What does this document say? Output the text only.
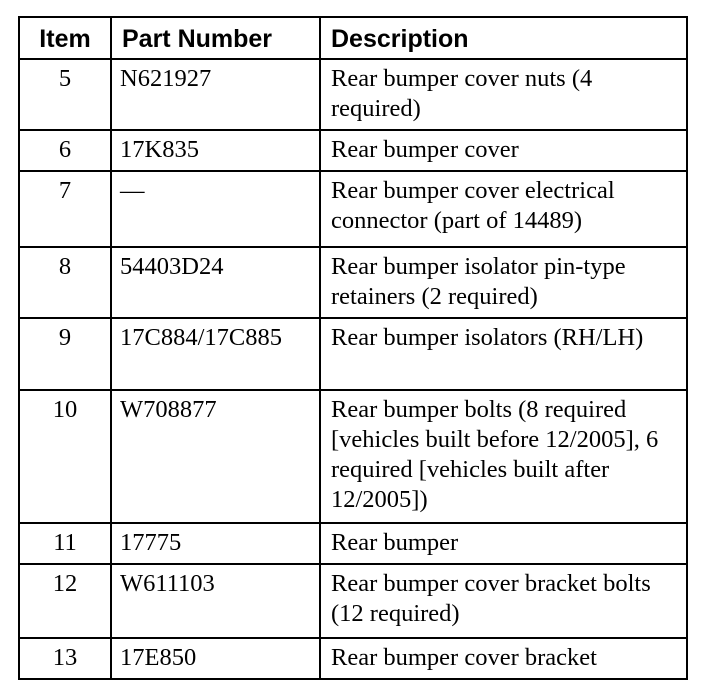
Item	Part Number	Description
5	N621927	Rear bumper cover nuts (4 required)
6	17K835	Rear bumper cover
7	—	Rear bumper cover electrical connector (part of 14489)
8	54403D24	Rear bumper isolator pin-type retainers (2 required)
9	17C884/17C885	Rear bumper isolators (RH/LH)
10	W708877	Rear bumper bolts (8 required [vehicles built before 12/2005], 6 required [vehicles built after 12/2005])
11	17775	Rear bumper
12	W611103	Rear bumper cover bracket bolts (12 required)
13	17E850	Rear bumper cover bracket
